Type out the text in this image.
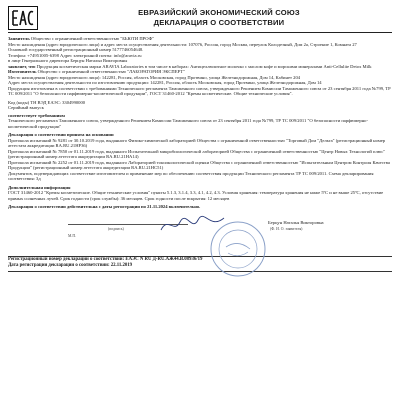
ЕВРАЗИЙСКИЙ ЭКОНОМИЧЕСКИЙ СОЮЗ
ДЕКЛАРАЦИЯ О СООТВЕТСТВИИ

Заявитель Общество с ограниченной ответственностью "БЬЮТИ ПРОФ"

Место нахождения (адрес юридического лица) и адрес места осуществления деятельности: 107076, Россия, город Москва, переулок Колодезный, Дом 2а, Строение 1, Комната 27

Основной государственный регистрационный номер 5177746054648.

Телефон: +74951005-6398 Адрес электронной почты: info@aravia.ru

в лице Генерального директора Берцун Натальи Викторовны

заявляет, что Продукция косметическая марки ARAVIA Laboratories в том числе в наборах: Антицеллюлитное молочко с маслом кофе и морскими минералами Anti-Cellulite Detox Milk

Изготовитель Общество с ограниченной ответственностью "ЛАБОРАТОРИЯ ЭКСПЕРТ"

Место нахождения (адрес юридического лица): 142281, Россия, область Московская, город Протвино, улица Железнодорожная, Дом 14, Кабинет 204

Адрес места осуществления деятельности по изготовлению продукции: 142281, Россия, область Московская, город Протвино, улица Железнодорожная, Дом 14

Продукция изготовлена в соответствии с требованиями Технического регламента Таможенного союза, утвержденного Решением Комиссии Таможенного союза от 23 сентября 2011 года №799, ТР ТС 009/2011 "О безопасности парфюмерно-косметической продукции", ГОСТ 31460-2012 "Кремы косметические. Общие технические условия".

Код (коды) ТН ВЭД ЕАЭС: 3304990000

Серийный выпуск

соответствует требованиям

Технического регламента Таможенного союза, утвержденного Решением Комиссии Таможенного союза от 23 сентября 2011 года №799, ТР ТС 009/2011 "О безопасности парфюмерно-косметической продукции"

Декларация о соответствии принята на основании

Протокола испытаний № 9281 от 30.10.2019 года, выданного Физико-химической лабораторией Общества с ограниченной ответственностью "Торговый Дом "Дельта" (регистрационный номер аттестата аккредитации RA.RU.21НР36)

Протокола испытаний № 7850 от 01.11.2019 года, выданного Испытательной микробиологической лабораторией Общества с ограниченной ответственностью "Центр Новых Технологий плюс" (регистрационный номер аттестата аккредитации RA.RU.21НА14)

Протокола испытаний № 2252 от 01.11.2019 года, выданного Лабораторией токсикологической оценки Общества с ограниченной ответственностью "Испытательным Центром Контроля Качества Продукции" (регистрационный номер аттестата аккредитации RA.RU.21НС51)

Документов, подтверждающих соответствие изготовителем и применение мер по обеспечению соответствия продукции Технического регламента ТР ТС 009/2011. Схема декларирования соответствия: 3д

Дополнительная информация

ГОСТ 31460-2012 "Кремы косметические. Общие технические условия" пункты 5.1.3, 3.1.4, 3.3, 4.1, 4.2, 4.3. Условия хранения: температура хранения не ниже 5ºС и не выше 25ºС, отсутствие прямых солнечных лучей. Срок годности (срок службы): 36 месяцев. Срок годности после вскрытия: 12 месяцев

Декларация о соответствии действительна с даты регистрации по 21.11.2024 включительно.

Берцун Наталья Викторовна
(подпись)	(Ф. И. О. заявителя)
М.П.
Регистрационный номер декларации о соответствии: ЕАЭС N RU Д-RU.АЖ44.В.08936/19
Дата регистрации декларации о соответствии: 22.11.2019
